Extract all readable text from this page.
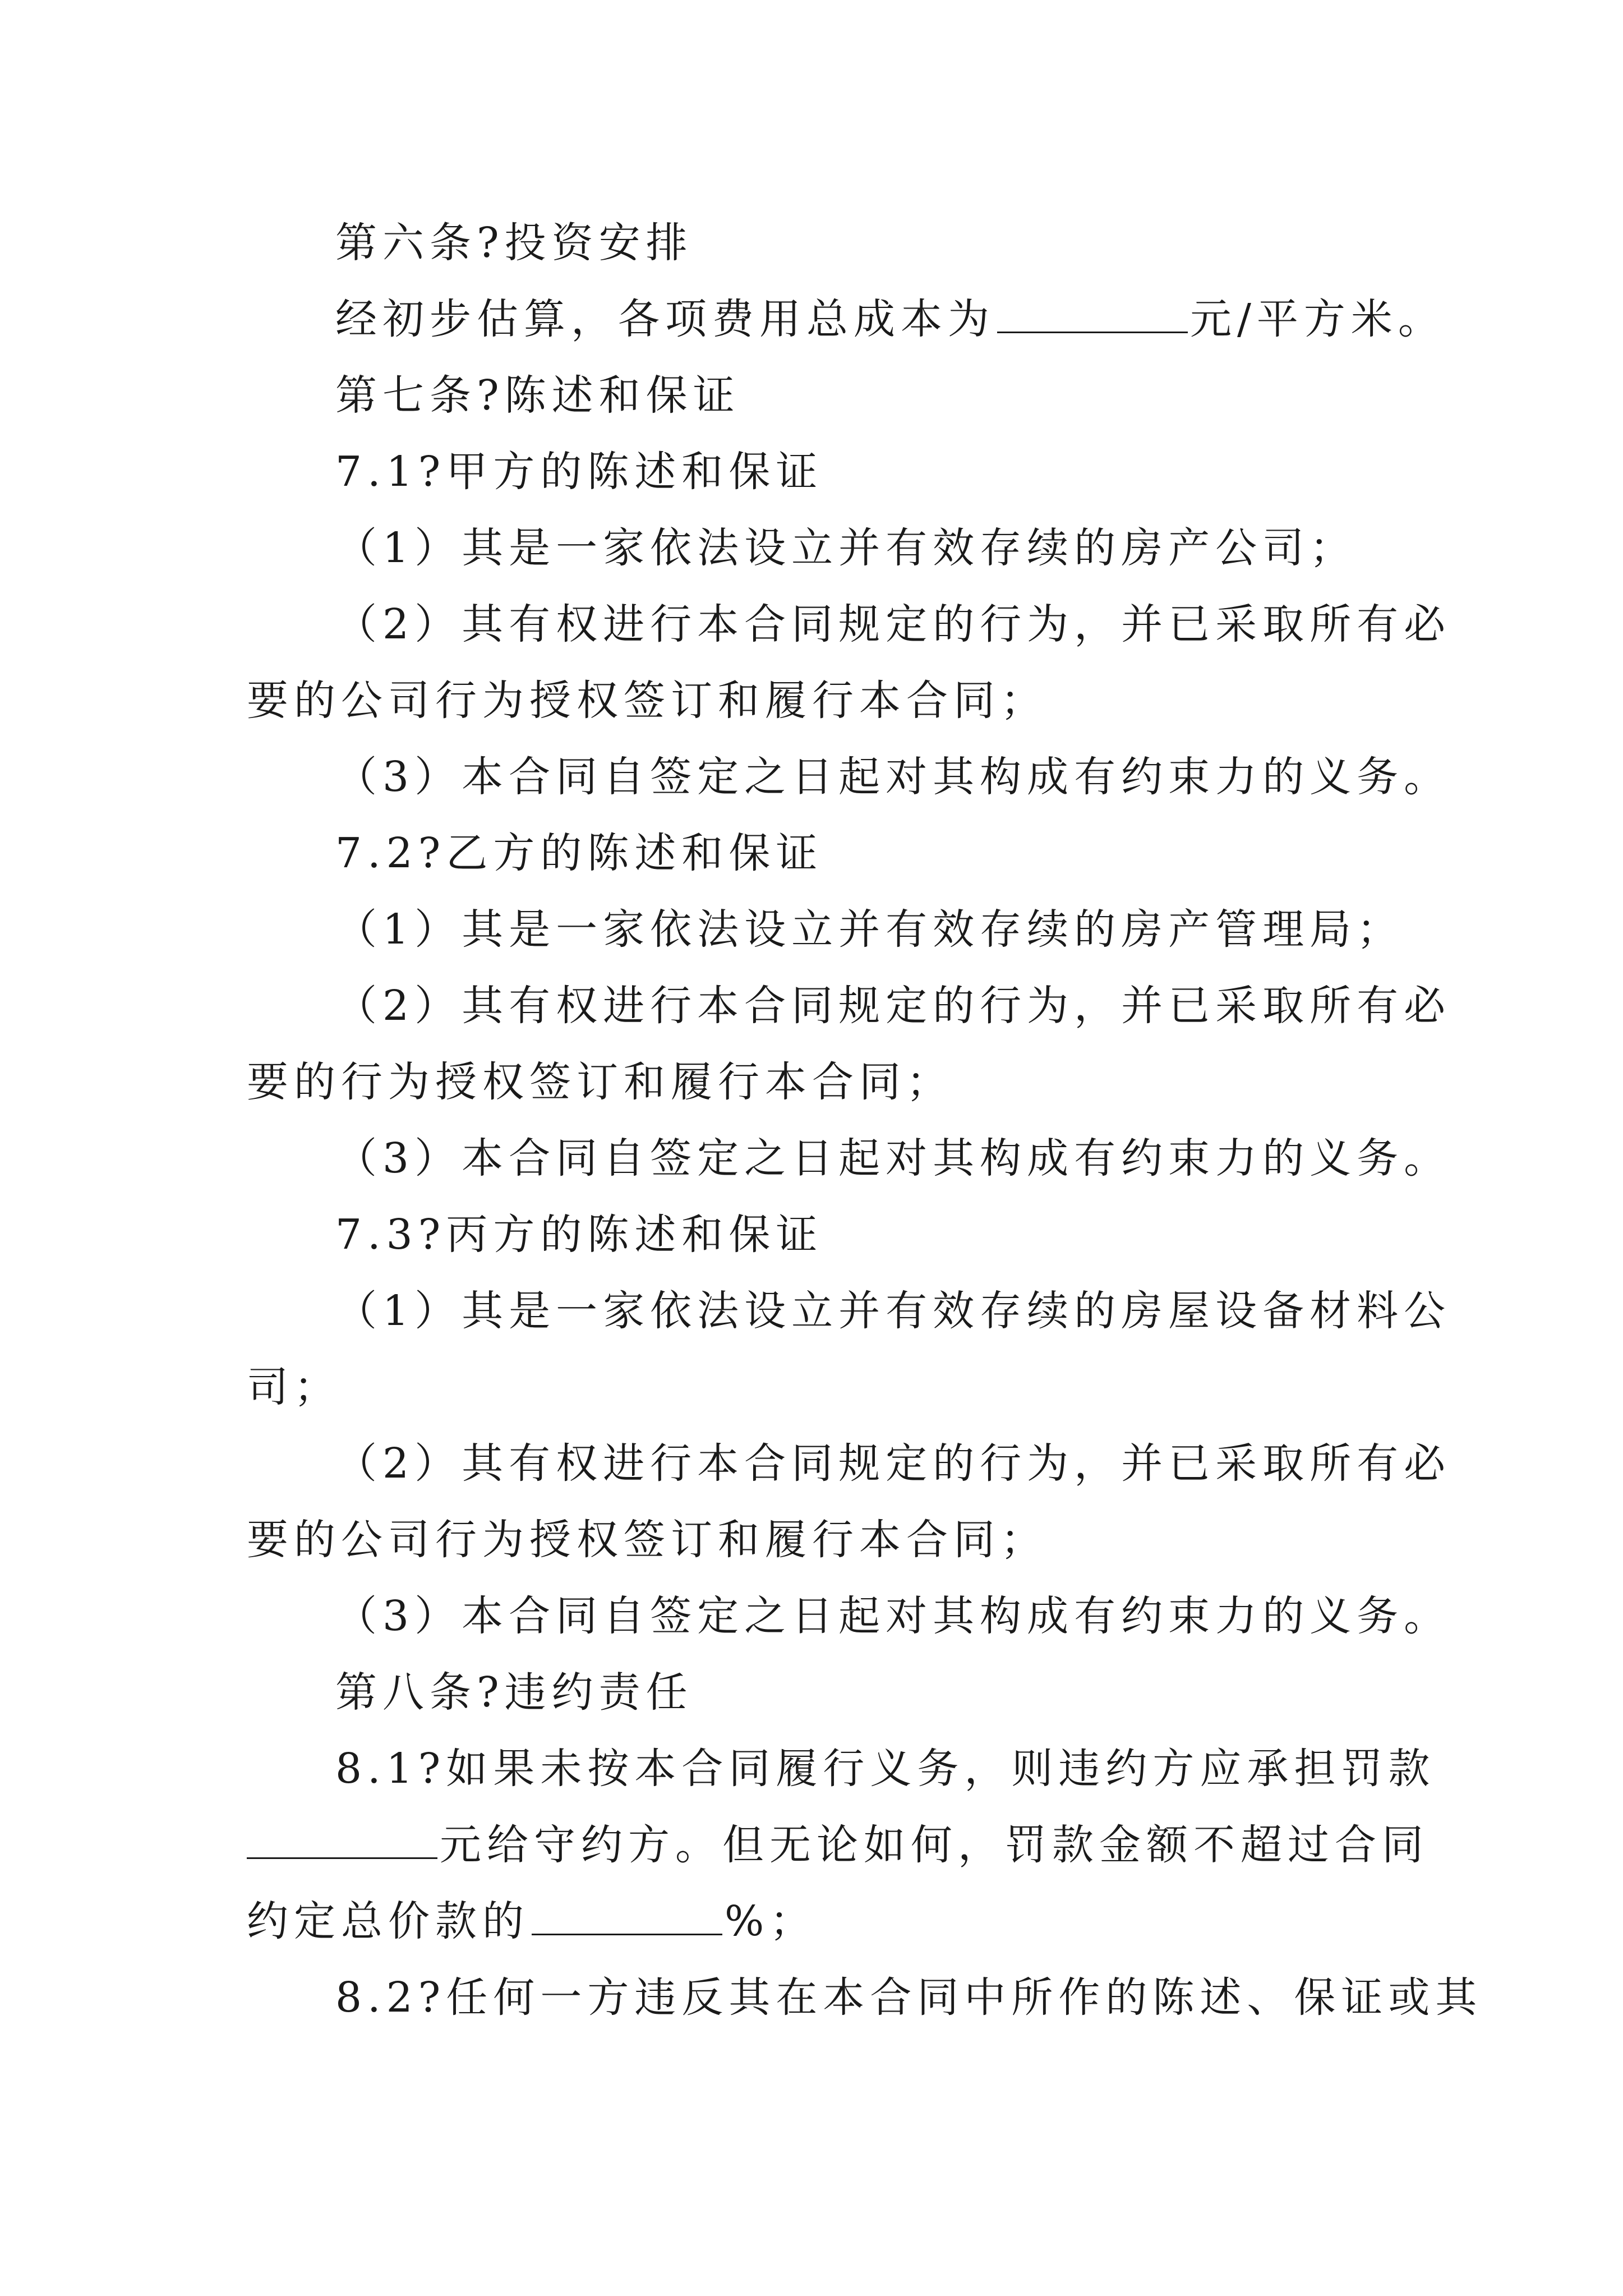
第六条?投资安排
经初步估算，各项费用总成本为	元/平方米。
第七条?陈述和保证
7.1?甲方的陈述和保证
（1）其是一家依法设立并有效存续的房产公司；
（2）其有权进行本合同规定的行为，并已采取所有必
要的公司行为授权签订和履行本合同；
（3）本合同自签定之日起对其构成有约束力的义务。
7.2?乙方的陈述和保证
（1）其是一家依法设立并有效存续的房产管理局；
（2）其有权进行本合同规定的行为，并已采取所有必
要的行为授权签订和履行本合同；
（3）本合同自签定之日起对其构成有约束力的义务。
7.3?丙方的陈述和保证
（1）其是一家依法设立并有效存续的房屋设备材料公
司；
（2）其有权进行本合同规定的行为，并已采取所有必
要的公司行为授权签订和履行本合同；
（3）本合同自签定之日起对其构成有约束力的义务。
第八条?违约责任
8.1?如果未按本合同履行义务，则违约方应承担罚款
元给守约方。但无论如何，罚款金额不超过合同
约定总价款的	%；
8.2?任何一方违反其在本合同中所作的陈述、保证或其
